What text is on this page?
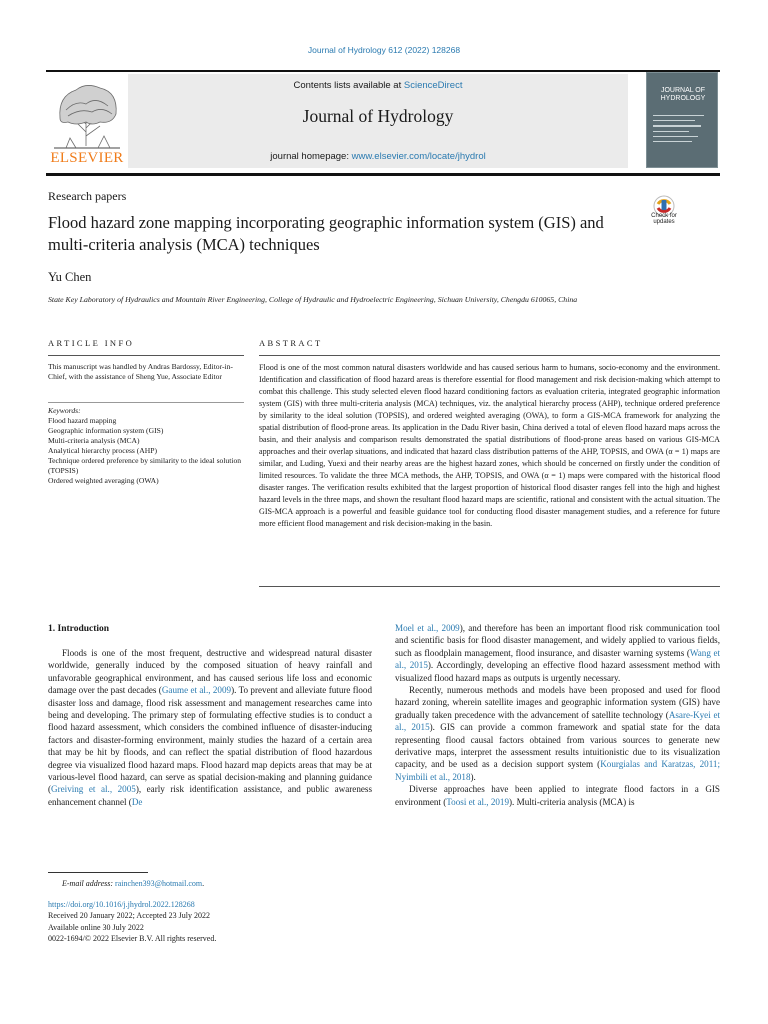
Journal of Hydrology 612 (2022) 128268
Contents lists available at ScienceDirect
Journal of Hydrology
journal homepage: www.elsevier.com/locate/jhydrol
ELSEVIER
JOURNAL OF HYDROLOGY
Research papers
Flood hazard zone mapping incorporating geographic information system (GIS) and multi-criteria analysis (MCA) techniques
Check for updates
Yu Chen
State Key Laboratory of Hydraulics and Mountain River Engineering, College of Hydraulic and Hydroelectric Engineering, Sichuan University, Chengdu 610065, China
ARTICLE INFO	ABSTRACT
This manuscript was handled by Andras Bardossy, Editor-in-Chief, with the assistance of Sheng Yue, Associate Editor
Keywords:
Flood hazard mapping
Geographic information system (GIS)
Multi-criteria analysis (MCA)
Analytical hierarchy process (AHP)
Technique ordered preference by similarity to the ideal solution (TOPSIS)
Ordered weighted averaging (OWA)
Flood is one of the most common natural disasters worldwide and has caused serious harm to humans, socio-economy and the environment. Identification and classification of flood hazard areas is therefore essential for flood management and risk decision-making which attempt to combat this challenge. This study selected eleven flood hazard conditioning factors as evaluation criteria, integrated geographic information system (GIS) with three multi-criteria analysis (MCA) techniques, viz. the analytical hierarchy process (AHP), technique ordered preference by similarity to the ideal solution (TOPSIS), and ordered weighted averaging (OWA), to form a GIS-MCA framework for analyzing the spatial distribution of flood-prone areas. Its application in the Dadu River basin, China derived a total of eleven flood hazard maps across the basin, and their analysis and comparison results demonstrated the spatial distributions of flood-prone areas based on various GIS-MCA approaches and their overlap situations, and indicated that hazard class distribution patterns of the AHP, TOPSIS, and OWA (α = 1) maps are similar, and Luding, Yuexi and their nearby areas are the highest hazard zones, which should be concerned on firstly under the condition of limited resources. To validate the three MCA methods, the AHP, TOPSIS, and OWA (α = 1) maps were compared with the historical flood disaster ranges. The verification results exhibited that the largest proportion of historical flood disaster ranges fell into the high and highest hazard levels in the three maps, and shown the resultant flood hazard maps are scientific, rational and consistent with the actual situation. The GIS-MCA approach is a powerful and feasible guidance tool for conducting flood disaster management studies, and a reference for future more efficient flood management and risk decision-making in the basin.
1. Introduction

Floods is one of the most frequent, destructive and widespread natural disaster worldwide, generally induced by the composed situation of heavy rainfall and unfavorable geographical environment, and has caused serious life loss and economic damage over the past decades (Gaume et al., 2009). To prevent and alleviate future flood disaster loss and damage, flood risk assessment and management researches came into being and developing. The primary step of formulating effective studies is to conduct a flood hazard assessment, which considers the combined influence of disaster-inducing factors and disaster-forming environment, mainly studies the hazard of a certain area that may be hit by floods, and can reflect the spatial distribution of flood hazardous degree via visualized flood hazard maps. Flood hazard map depicts areas that may be at various-level flood hazard, can serve as spatial decision-making and planning guidance (Greiving et al., 2005), early risk identification assistance, and public awareness enhancement channel (De

Moel et al., 2009), and therefore has been an important flood risk communication tool and scientific basis for flood disaster management, and widely applied to various fields, such as floodplain management, flood insurance, and disaster warning systems (Wang et al., 2015). Accordingly, developing an effective flood hazard assessment method with visualized flood hazard maps as outputs is urgently necessary.

Recently, numerous methods and models have been proposed and used for flood hazard zoning, wherein satellite images and geographic information system (GIS) have gradually taken precedence with the advancement of satellite technology (Asare-Kyei et al., 2015). GIS can provide a common framework and spatial state for the data representing flood causal factors obtained from various sources to generate new derivative maps, interpret the assessment results intuitionistic due to its visualization capacity, and be used as a decision support system (Kourgialas and Karatzas, 2011; Nyimbili et al., 2018).

Diverse approaches have been applied to integrate flood factors in a GIS environment (Toosi et al., 2019). Multi-criteria analysis (MCA) is

E-mail address: rainchen393@hotmail.com.
https://doi.org/10.1016/j.jhydrol.2022.128268
Received 20 January 2022; Accepted 23 July 2022
Available online 30 July 2022
0022-1694/© 2022 Elsevier B.V. All rights reserved.
